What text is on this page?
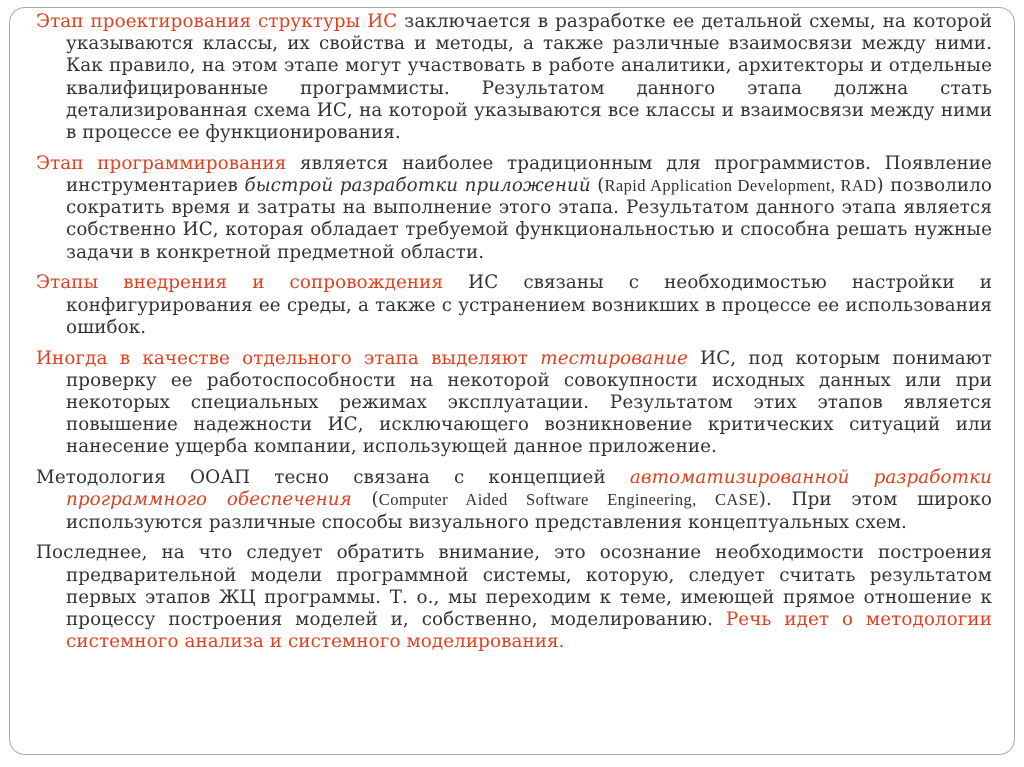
Этап проектирования структуры ИС заключается в разработке ее детальной схемы, на которой указываются классы, их свойства и методы, а также различные взаимосвязи между ними. Как правило, на этом этапе могут участвовать в работе аналитики, архитекторы и отдельные квалифицированные программисты. Результатом данного этапа должна стать детализированная схема ИС, на которой указываются все классы и взаимосвязи между ними в процессе ее функционирования.

Этап программирования является наиболее традиционным для программистов. Появление инструментариев быстрой разработки приложений (Rapid Application Development, RAD) позволило сократить время и затраты на выполнение этого этапа. Результатом данного этапа является собственно ИС, которая обладает требуемой функциональностью и способна решать нужные задачи в конкретной предметной области.

Этапы внедрения и сопровождения ИС связаны с необходимостью настройки и конфигурирования ее среды, а также с устранением возникших в процессе ее использования ошибок.

Иногда в качестве отдельного этапа выделяют тестирование ИС, под которым понимают проверку ее работоспособности на некоторой совокупности исходных данных или при некоторых специальных режимах эксплуатации. Результатом этих этапов является повышение надежности ИС, исключающего возникновение критических ситуаций или нанесение ущерба компании, использующей данное приложение.

Методология ООАП тесно связана с концепцией автоматизированной разработки программного обеспечения (Computer Aided Software Engineering, CASE). При этом широко используются различные способы визуального представления концептуальных схем.

Последнее, на что следует обратить внимание, это осознание необходимости построения предварительной модели программной системы, которую, следует считать результатом первых этапов ЖЦ программы. Т. о., мы переходим к теме, имеющей прямое отношение к процессу построения моделей и, собственно, моделированию. Речь идет о методологии системного анализа и системного моделирования.
